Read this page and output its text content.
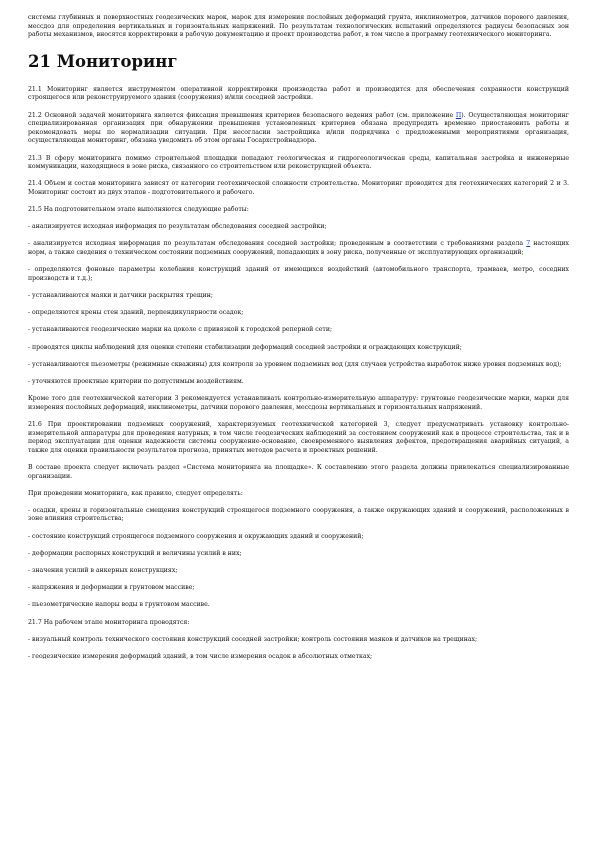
системы глубинных и поверхностных геодезических марок, марок для измерения послойных деформаций грунта, инклинометров, датчиков порового давления, мессдоз для определения вертикальных и горизонтальных напряжений. По результатам технологических испытаний определяются радиусы безопасных зон работы механизмов, вносятся корректировки в рабочую документацию и проект производства работ, в том числе в программу геотехнического мониторинга.

21 Мониторинг

21.1 Мониторинг является инструментом оперативной корректировки производства работ и производится для обеспечения сохранности конструкций строящегося или реконструируемого здания (сооружения) и/или соседней застройки.

21.2 Основной задачей мониторинга является фиксация превышения критериев безопасного ведения работ (см. приложение П). Осуществляющая мониторинг специализированная организация при обнаружении превышения установленных критериев обязана предупредить временно приостановить работы и рекомендовать меры по нормализации ситуации. При несогласии застройщика и/или подрядчика с предложенными мероприятиями организация, осуществляющая мониторинг, обязана уведомить об этом органы Госархстройнадзора.

21.3 В сферу мониторинга помимо строительной площадки попадают геологическая и гидрогеологическая среды, капитальная застройка и инженерные коммуникации, находящиеся в зоне риска, связанного со строительством или реконструкцией объекта.

21.4 Объем и состав мониторинга зависят от категории геотехнической сложности строительства. Мониторинг проводится для геотехнических категорий 2 и 3. Мониторинг состоит из двух этапов - подготовительного и рабочего.

21.5 На подготовительном этапе выполняются следующие работы:

- анализируется исходная информация по результатам обследования соседней застройки;

- анализируется исходная информация по результатам обследования соседней застройки; проведенным в соответствии с требованиями раздела 7 настоящих норм, а также сведения о техническом состоянии подземных сооружений, попадающих в зону риска, полученные от эксплуатирующих организаций;

- определяются фоновые параметры колебания конструкций зданий от имеющихся воздействий (автомобильного транспорта, трамваев, метро, соседних производств и т.д.);

- устанавливаются маяки и датчики раскрытия трещин;

- определяются крены стен зданий, перпендикулярности осадок;

- устанавливаются геодезические марки на цоколе с привязкой к городской реперной сети;

- проводятся циклы наблюдений для оценки степени стабилизации деформаций соседней застройки и ограждающих конструкций;

- устанавливаются пьезометры (режимные скважины) для контроля за уровнем подземных вод (для случаев устройства выработок ниже уровня подземных вод);

- уточняются проектные критерии по допустимым воздействиям.

Кроме того для геотехнической категории 3 рекомендуется устанавливать контрольно-измерительную аппаратуру: грунтовые геодезические марки, марки для измерения послойных деформаций, инклинометры, датчики порового давления, мессдозы вертикальных и горизонтальных напряжений.

21.6 При проектировании подземных сооружений, характеризуемых геотехнической категорией 3, следует предусматривать установку контрольно-измерительной аппаратуры для проведения натурных, в том числе геодезических наблюдений за состоянием сооружений как в процессе строительства, так и в период эксплуатации для оценки надежности системы сооружение-основание, своевременного выявления дефектов, предотвращения аварийных ситуаций, а также для оценки правильности результатов прогноза, принятых методов расчета и проектных решений.

В составе проекта следует включать раздел «Система мониторинга на площадке». К составлению этого раздела должны привлекаться специализированные организации.

При проведении мониторинга, как правило, следует определять:

- осадки, крены и горизонтальные смещения конструкций строящегося подземного сооружения, а также окружающих зданий и сооружений, расположенных в зоне влияния строительства;

- состояние конструкций строящегося подземного сооружения и окружающих зданий и сооружений;

- деформации распорных конструкций и величины усилий в них;

- значения усилий в анкерных конструкциях;

- напряжения и деформации в грунтовом массиве;

- пьезометрические напоры воды в грунтовом массиве.

21.7 На рабочем этапе мониторинга проводятся:

- визуальный контроль технического состояния конструкций соседней застройки; контроль состояния маяков и датчиков на трещинах;

- геодезические измерения деформаций зданий, в том числе измерения осадок в абсолютных отметках;
